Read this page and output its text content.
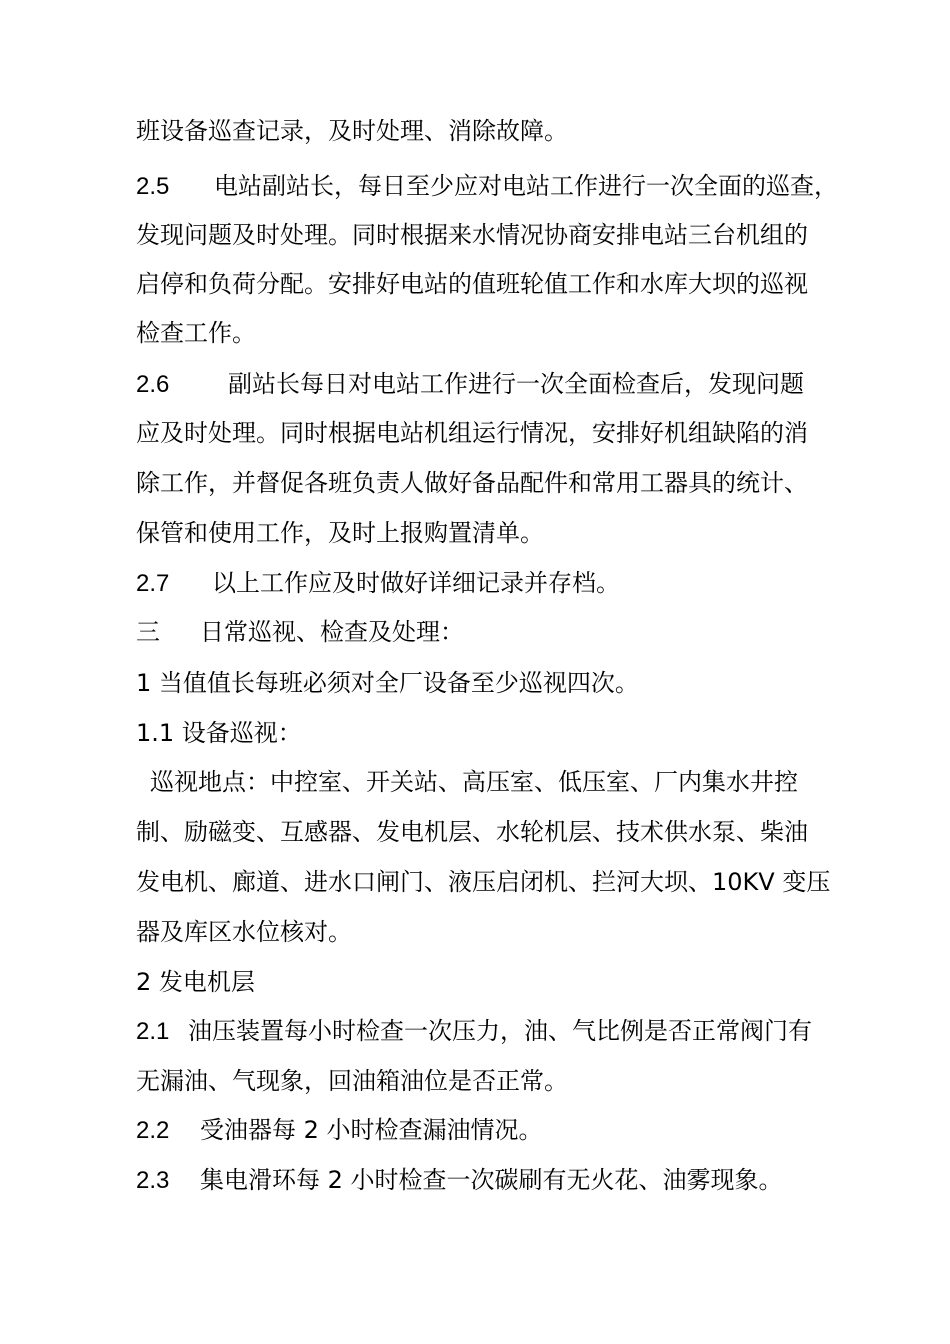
班设备巡查记录，及时处理、消除故障。
2.5 电站副站长，每日至少应对电站工作进行一次全面的巡查，
发现问题及时处理。同时根据来水情况协商安排电站三台机组的
启停和负荷分配。安排好电站的值班轮值工作和水库大坝的巡视
检查工作。
2.6 副站长每日对电站工作进行一次全面检查后，发现问题
应及时处理。同时根据电站机组运行情况，安排好机组缺陷的消
除工作，并督促各班负责人做好备品配件和常用工器具的统计、
保管和使用工作，及时上报购置清单。
2.7 以上工作应及时做好详细记录并存档。
三 日常巡视、检查及处理：
1 当值值长每班必须对全厂设备至少巡视四次。
1.1 设备巡视：
巡视地点：中控室、开关站、高压室、低压室、厂内集水井控
制、励磁变、互感器、发电机层、水轮机层、技术供水泵、柴油
发电机、廊道、进水口闸门、液压启闭机、拦河大坝、10KV 变压
器及库区水位核对。
2 发电机层
2.1 油压装置每小时检查一次压力，油、气比例是否正常阀门有
无漏油、气现象，回油箱油位是否正常。
2.2 受油器每 2 小时检查漏油情况。
2.3 集电滑环每 2 小时检查一次碳刷有无火花、油雾现象。
